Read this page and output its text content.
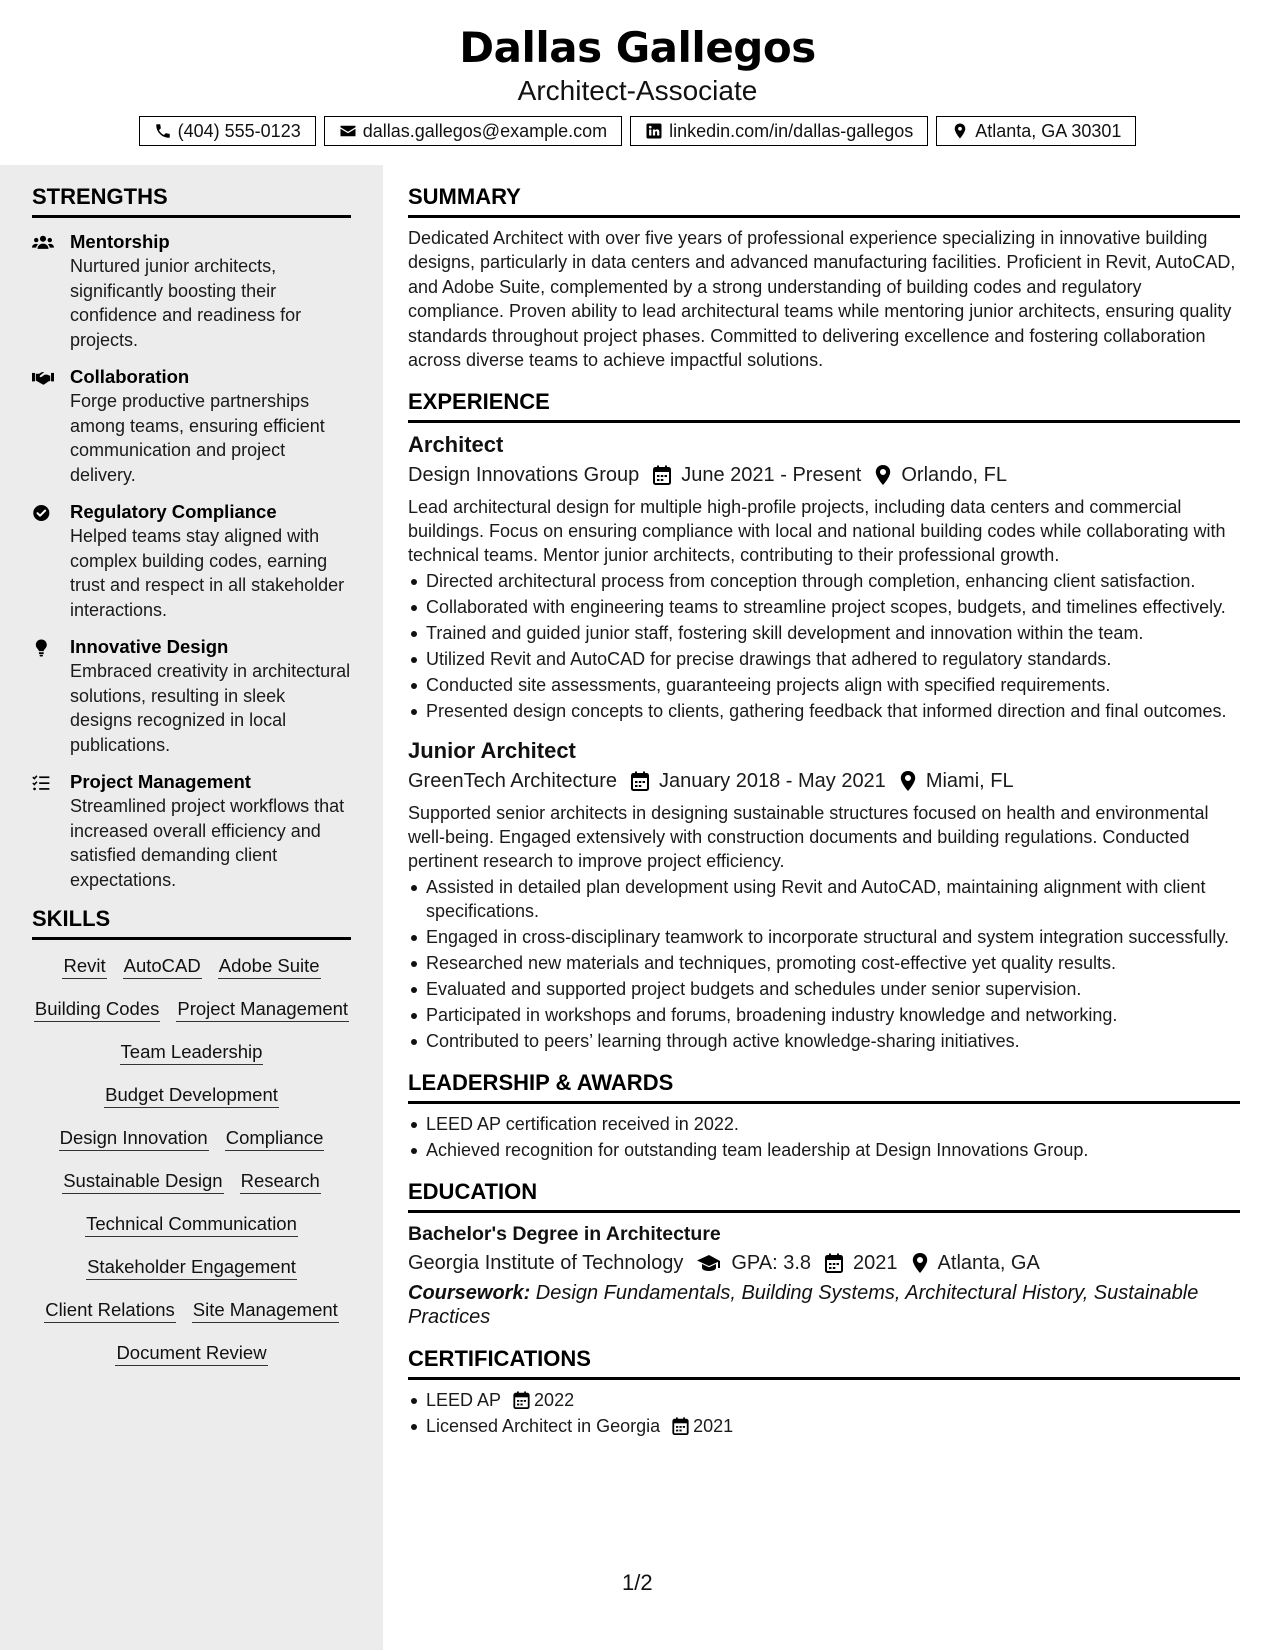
Dallas Gallegos
Architect-Associate
(404) 555-0123	dallas.gallegos@example.com	linkedin.com/in/dallas-gallegos	Atlanta, GA 30301
STRENGTHS
Mentorship
Nurtured junior architects, significantly boosting their confidence and readiness for projects.
Collaboration
Forge productive partnerships among teams, ensuring efficient communication and project delivery.
Regulatory Compliance
Helped teams stay aligned with complex building codes, earning trust and respect in all stakeholder interactions.
Innovative Design
Embraced creativity in architectural solutions, resulting in sleek designs recognized in local publications.
Project Management
Streamlined project workflows that increased overall efficiency and satisfied demanding client expectations.
SKILLS
Revit AutoCAD Adobe Suite
Building Codes Project Management
Team Leadership
Budget Development
Design Innovation Compliance
Sustainable Design Research
Technical Communication
Stakeholder Engagement
Client Relations Site Management
Document Review
SUMMARY
Dedicated Architect with over five years of professional experience specializing in innovative building designs, particularly in data centers and advanced manufacturing facilities. Proficient in Revit, AutoCAD, and Adobe Suite, complemented by a strong understanding of building codes and regulatory compliance. Proven ability to lead architectural teams while mentoring junior architects, ensuring quality standards throughout project phases. Committed to delivering excellence and fostering collaboration across diverse teams to achieve impactful solutions.
EXPERIENCE
Architect
Design Innovations Group June 2021 - Present Orlando, FL
Lead architectural design for multiple high-profile projects, including data centers and commercial buildings. Focus on ensuring compliance with local and national building codes while collaborating with technical teams. Mentor junior architects, contributing to their professional growth.
Directed architectural process from conception through completion, enhancing client satisfaction.
Collaborated with engineering teams to streamline project scopes, budgets, and timelines effectively.
Trained and guided junior staff, fostering skill development and innovation within the team.
Utilized Revit and AutoCAD for precise drawings that adhered to regulatory standards.
Conducted site assessments, guaranteeing projects align with specified requirements.
Presented design concepts to clients, gathering feedback that informed direction and final outcomes.
Junior Architect
GreenTech Architecture January 2018 - May 2021 Miami, FL
Supported senior architects in designing sustainable structures focused on health and environmental well-being. Engaged extensively with construction documents and building regulations. Conducted pertinent research to improve project efficiency.
Assisted in detailed plan development using Revit and AutoCAD, maintaining alignment with client specifications.
Engaged in cross-disciplinary teamwork to incorporate structural and system integration successfully.
Researched new materials and techniques, promoting cost-effective yet quality results.
Evaluated and supported project budgets and schedules under senior supervision.
Participated in workshops and forums, broadening industry knowledge and networking.
Contributed to peers’ learning through active knowledge-sharing initiatives.
LEADERSHIP & AWARDS
LEED AP certification received in 2022.
Achieved recognition for outstanding team leadership at Design Innovations Group.
EDUCATION
Bachelor's Degree in Architecture
Georgia Institute of Technology GPA: 3.8 2021 Atlanta, GA
Coursework: Design Fundamentals, Building Systems, Architectural History, Sustainable Practices
CERTIFICATIONS
LEED AP 2022
Licensed Architect in Georgia 2021
1/2
